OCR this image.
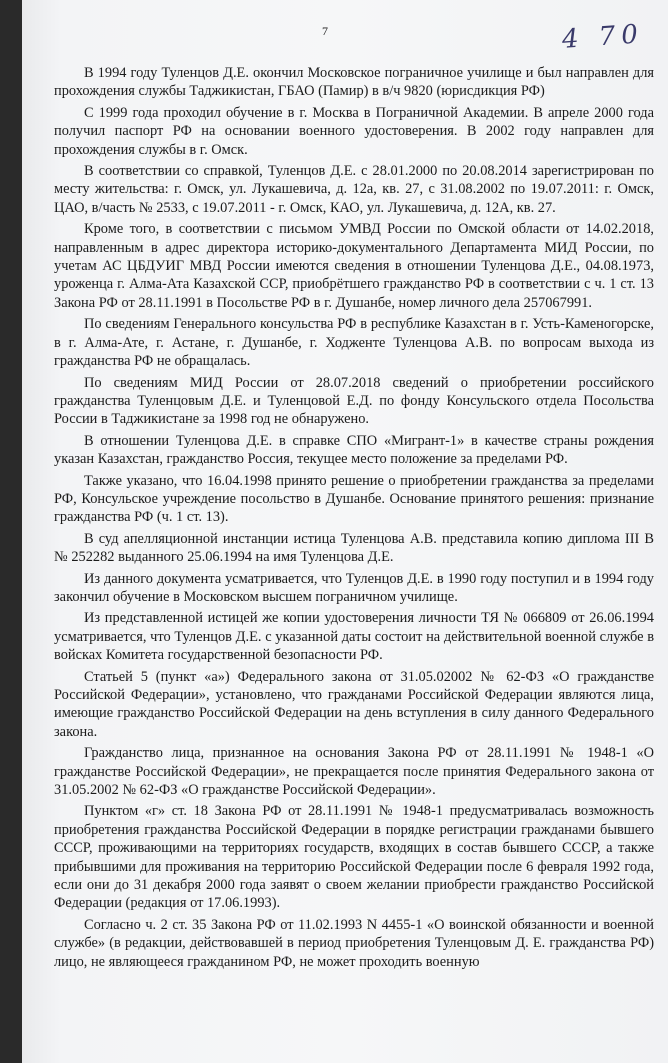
7	4 70

В 1994 году Туленцов Д.Е. окончил Московское пограничное училище и был направлен для прохождения службы Таджикистан, ГБАО (Памир) в в/ч 9820 (юрисдикция РФ)

С 1999 года проходил обучение в г. Москва в Пограничной Академии. В апреле 2000 года получил паспорт РФ на основании военного удостоверения. В 2002 году направлен для прохождения службы в г. Омск.

В соответствии со справкой, Туленцов Д.Е. с 28.01.2000 по 20.08.2014 зарегистрирован по месту жительства: г. Омск, ул. Лукашевича, д. 12а, кв. 27, с 31.08.2002 по 19.07.2011: г. Омск, ЦАО, в/часть № 2533, с 19.07.2011 - г. Омск, КАО, ул. Лукашевича, д. 12А, кв. 27.

Кроме того, в соответствии с письмом УМВД России по Омской области от 14.02.2018, направленным в адрес директора историко-документального Департамента МИД России, по учетам АС ЦБДУИГ МВД России имеются сведения в отношении Туленцова Д.Е., 04.08.1973, уроженца г. Алма-Ата Казахской ССР, приобрётшего гражданство РФ в соответствии с ч. 1 ст. 13 Закона РФ от 28.11.1991 в Посольстве РФ в г. Душанбе, номер личного дела 257067991.

По сведениям Генерального консульства РФ в республике Казахстан в г. Усть-Каменогорске, в г. Алма-Ате, г. Астане, г. Душанбе, г. Ходженте Туленцова А.В. по вопросам выхода из гражданства РФ не обращалась.

По сведениям МИД России от 28.07.2018 сведений о приобретении российского гражданства Туленцовым Д.Е. и Туленцовой Е.Д. по фонду Консульского отдела Посольства России в Таджикистане за 1998 год не обнаружено.

В отношении Туленцова Д.Е. в справке СПО «Мигрант-1» в качестве страны рождения указан Казахстан, гражданство Россия, текущее место положение за пределами РФ.

Также указано, что 16.04.1998 принято решение о приобретении гражданства за пределами РФ, Консульское учреждение посольство в Душанбе. Основание принятого решения: признание гражданства РФ (ч. 1 ст. 13).

В суд апелляционной инстанции истица Туленцова А.В. представила копию диплома III В № 252282 выданного 25.06.1994 на имя Туленцова Д.Е.

Из данного документа усматривается, что Туленцов Д.Е. в 1990 году поступил и в 1994 году закончил обучение в Московском высшем пограничном училище.

Из представленной истицей же копии удостоверения личности ТЯ № 066809 от 26.06.1994 усматривается, что Туленцов Д.Е. с указанной даты состоит на действительной военной службе в войсках Комитета государственной безопасности РФ.

Статьей 5 (пункт «а») Федерального закона от 31.05.02002 № 62-ФЗ «О гражданстве Российской Федерации», установлено, что гражданами Российской Федерации являются лица, имеющие гражданство Российской Федерации на день вступления в силу данного Федерального закона.

Гражданство лица, признанное на основания Закона РФ от 28.11.1991 № 1948-1 «О гражданстве Российской Федерации», не прекращается после принятия Федерального закона от 31.05.2002 № 62-ФЗ «О гражданстве Российской Федерации».

Пунктом «г» ст. 18 Закона РФ от 28.11.1991 № 1948-1 предусматривалась возможность приобретения гражданства Российской Федерации в порядке регистрации гражданами бывшего СССР, проживающими на территориях государств, входящих в состав бывшего СССР, а также прибывшими для проживания на территорию Российской Федерации после 6 февраля 1992 года, если они до 31 декабря 2000 года заявят о своем желании приобрести гражданство Российской Федерации (редакция от 17.06.1993).

Согласно ч. 2 ст. 35 Закона РФ от 11.02.1993 N 4455-1 «О воинской обязанности и военной службе» (в редакции, действовавшей в период приобретения Туленцовым Д. Е. гражданства РФ) лицо, не являющееся гражданином РФ, не может проходить военную
